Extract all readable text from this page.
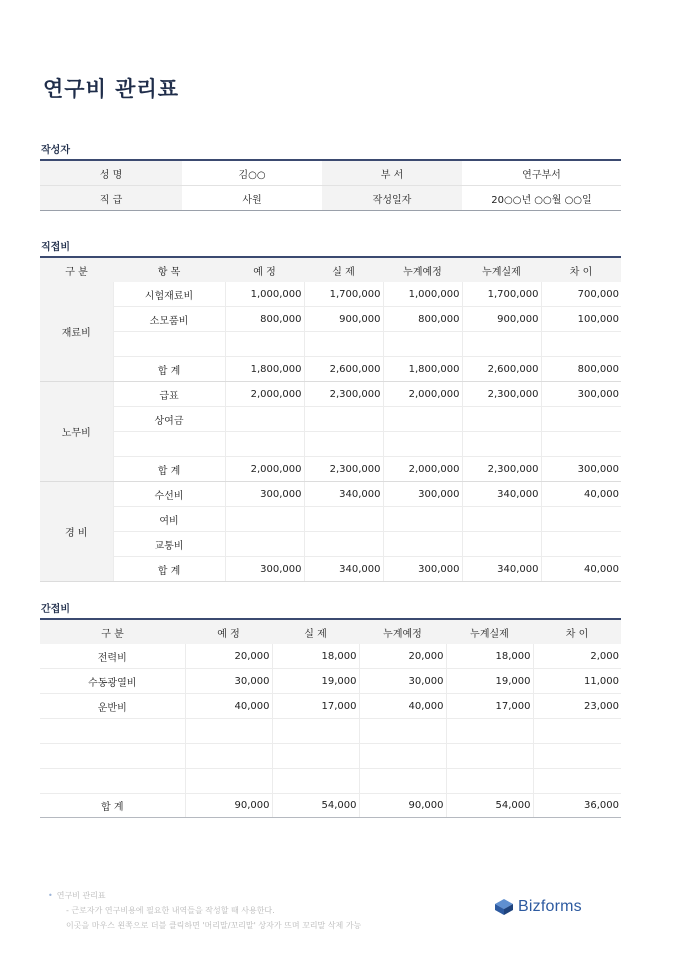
연구비 관리표
작성자
성 명	김○○	부 서	연구부서
직 급	사원	작성일자	20○○년 ○○월 ○○일
직접비
구 분	항 목	예 정	실 제	누계예정	누계실제	차 이
재료비	시험재료비	1,000,000	1,700,000	1,000,000	1,700,000	700,000
	소모품비	800,000	900,000	800,000	900,000	100,000

	합 계	1,800,000	2,600,000	1,800,000	2,600,000	800,000
노무비	급표	2,000,000	2,300,000	2,000,000	2,300,000	300,000
	상여금					

	합 계	2,000,000	2,300,000	2,000,000	2,300,000	300,000
경 비	수선비	300,000	340,000	300,000	340,000	40,000
	여비					
	교통비					
	합 계	300,000	340,000	300,000	340,000	40,000
간접비
구 분	예 정	실 제	누계예정	누계실제	차 이
전력비	20,000	18,000	20,000	18,000	2,000
수동광열비	30,000	19,000	30,000	19,000	11,000
운반비	40,000	17,000	40,000	17,000	23,000

합 계	90,000	54,000	90,000	54,000	36,000
• 연구비 관리표
- 근로자가 연구비용에 필요한 내역들을 작성할 때 사용한다.
이곳을 마우스 왼쪽으로 더블 클릭하면 '머리말/꼬리말' 상자가 뜨며 꼬리말 삭제 가능
Bizforms
